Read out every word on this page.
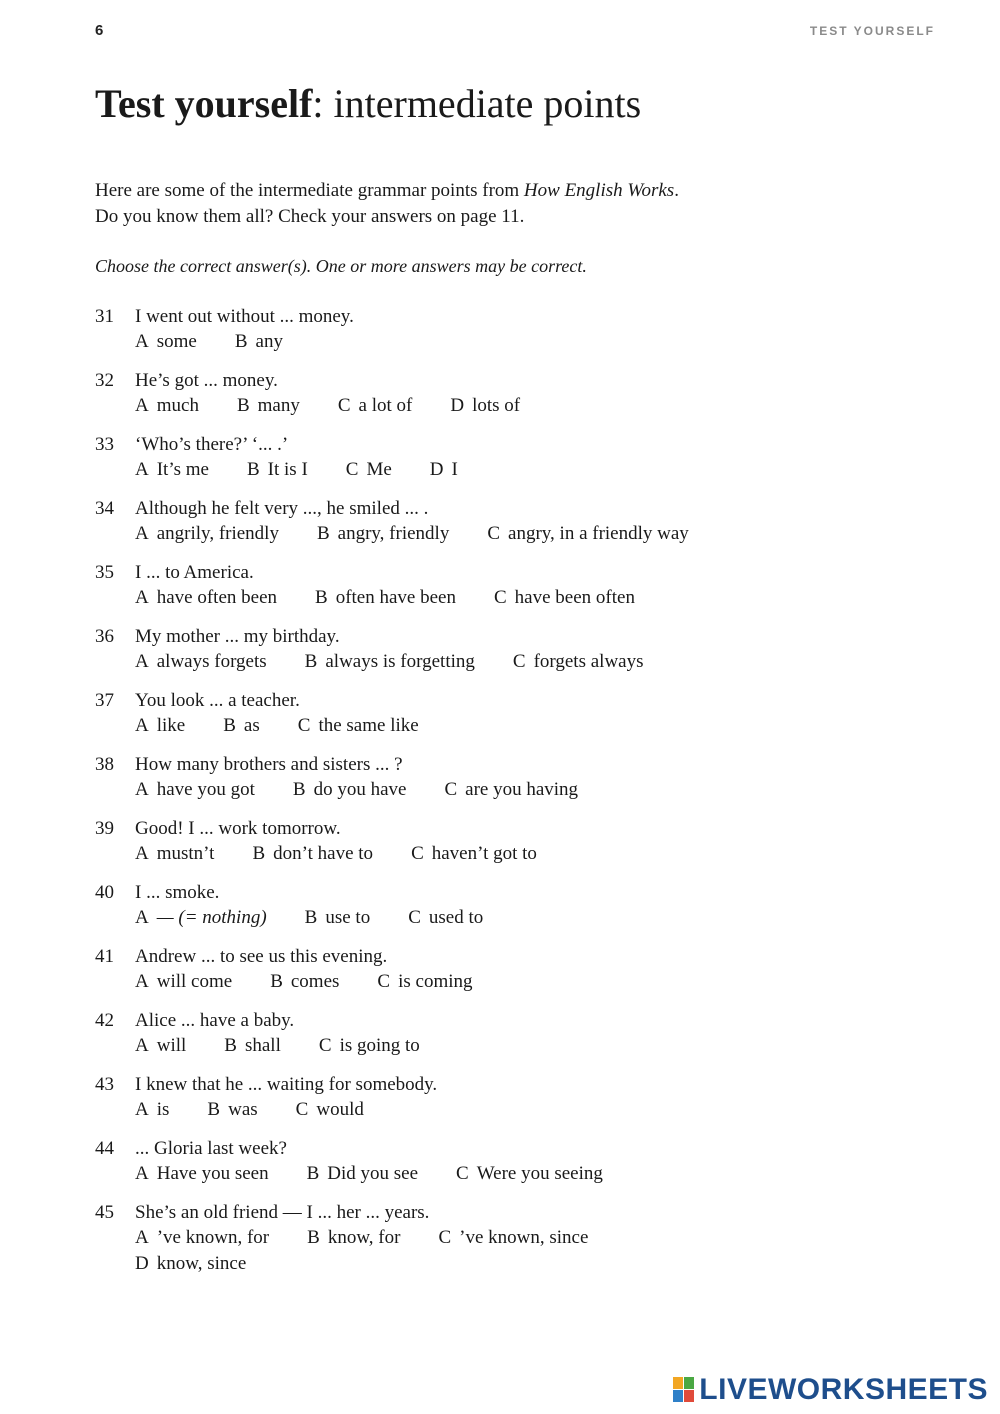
6	TEST YOURSELF
Test yourself: intermediate points
Here are some of the intermediate grammar points from How English Works.
Do you know them all? Check your answers on page 11.
Choose the correct answer(s). One or more answers may be correct.
31	I went out without ... money.
A some B any
32	He’s got ... money.
A much B many C a lot of D lots of
33	‘Who’s there?’ ‘... .’
A It’s me B It is I C Me D I
34	Although he felt very ..., he smiled ... .
A angrily, friendly B angry, friendly C angry, in a friendly way
35	I ... to America.
A have often been B often have been C have been often
36	My mother ... my birthday.
A always forgets B always is forgetting C forgets always
37	You look ... a teacher.
A like B as C the same like
38	How many brothers and sisters ... ?
A have you got B do you have C are you having
39	Good! I ... work tomorrow.
A mustn’t B don’t have to C haven’t got to
40	I ... smoke.
A — (= nothing) B use to C used to
41	Andrew ... to see us this evening.
A will come B comes C is coming
42	Alice ... have a baby.
A will B shall C is going to
43	I knew that he ... waiting for somebody.
A is B was C would
44	... Gloria last week?
A Have you seen B Did you see C Were you seeing
45	She’s an old friend — I ... her ... years.
A ’ve known, for B know, for C ’ve known, since
D know, since
LIVEWORKSHEETS
